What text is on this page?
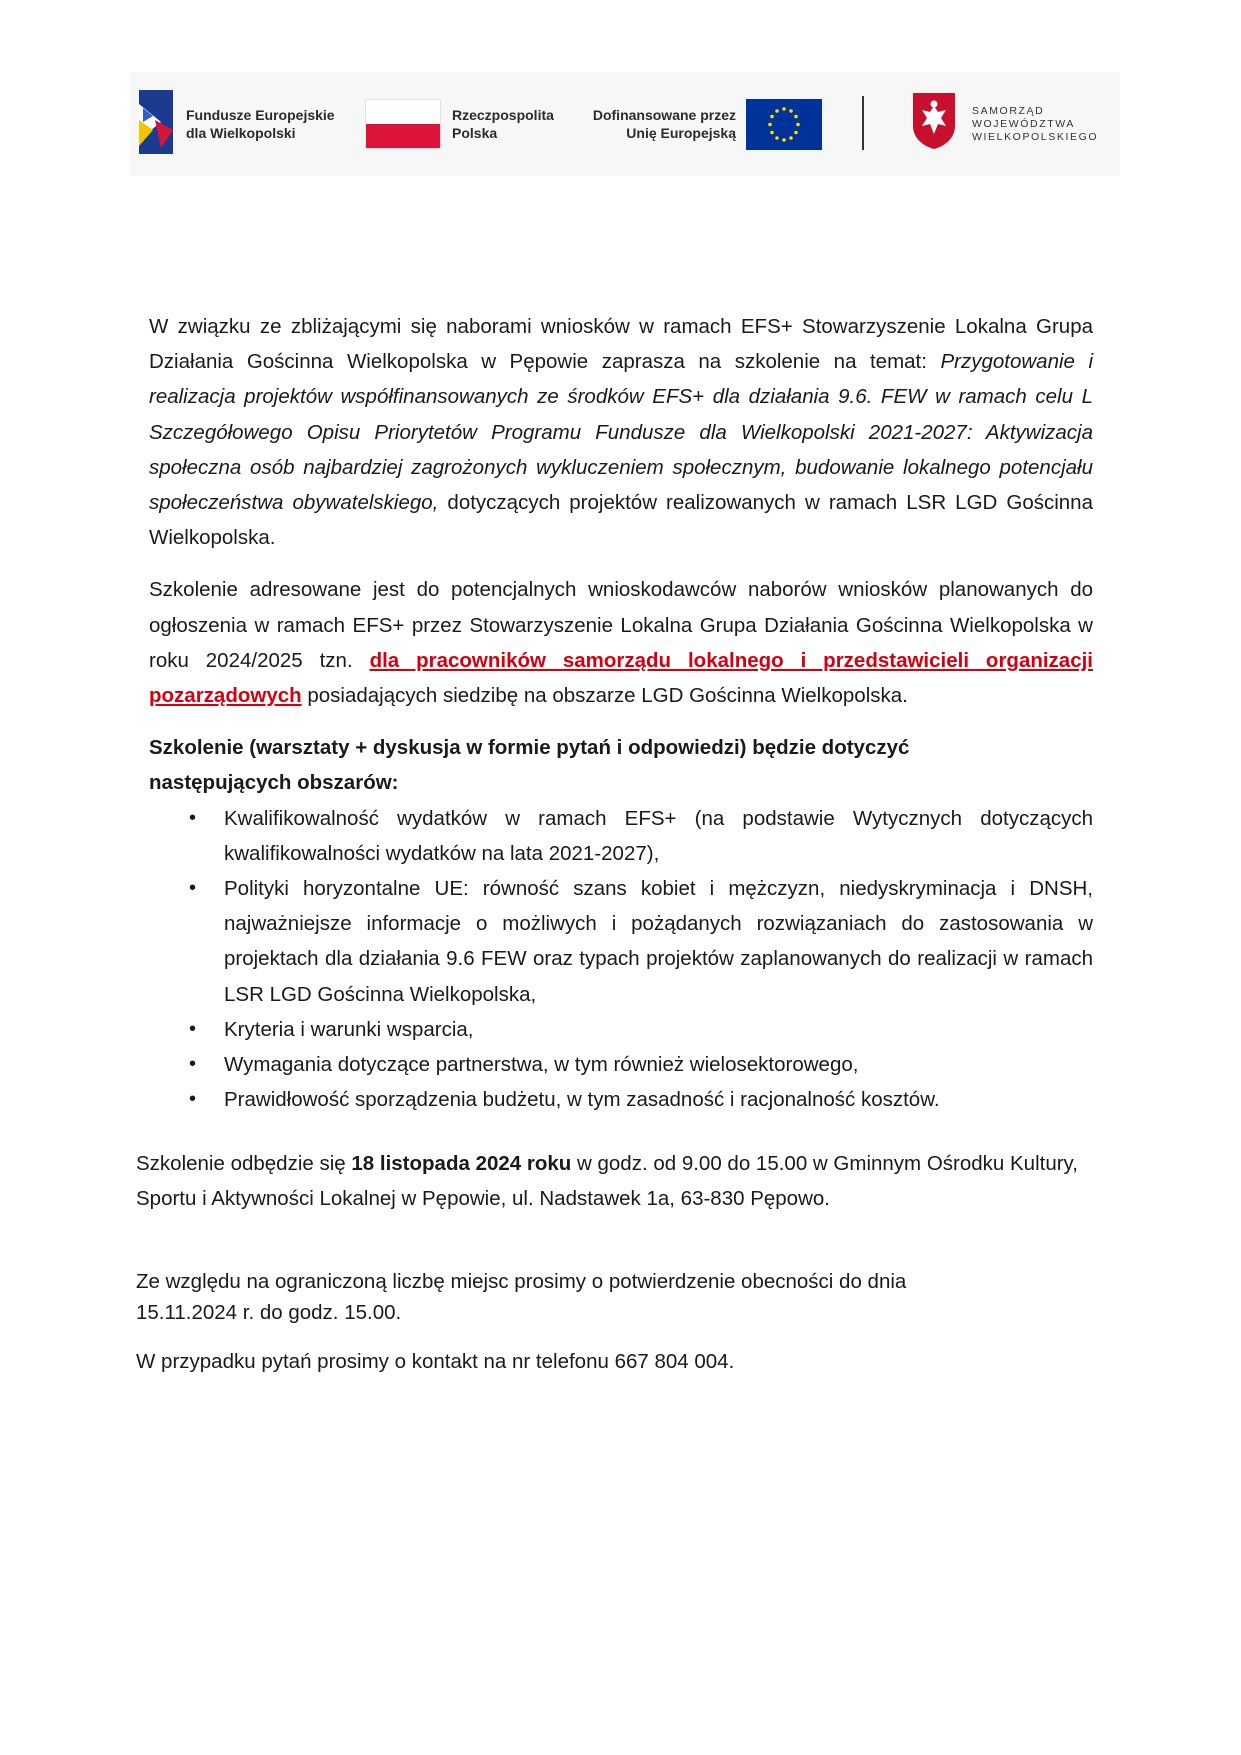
Fundusze Europejskie
dla Wielkopolski
Rzeczpospolita
Polska
Dofinansowane przez
Unię Europejską
SAMORZĄD
WOJEWÓDZTWA
WIELKOPOLSKIEGO

W związku ze zbliżającymi się naborami wniosków w ramach EFS+ Stowarzyszenie Lokalna Grupa Działania Gościnna Wielkopolska w Pępowie zaprasza na szkolenie na temat: Przygotowanie i realizacja projektów współfinansowanych ze środków EFS+ dla działania 9.6. FEW w ramach celu L Szczegółowego Opisu Priorytetów Programu Fundusze dla Wielkopolski 2021-2027: Aktywizacja społeczna osób najbardziej zagrożonych wykluczeniem społecznym, budowanie lokalnego potencjału społeczeństwa obywatelskiego, dotyczących projektów realizowanych w ramach LSR LGD Gościnna Wielkopolska.

Szkolenie adresowane jest do potencjalnych wnioskodawców naborów wniosków planowanych do ogłoszenia w ramach EFS+ przez Stowarzyszenie Lokalna Grupa Działania Gościnna Wielkopolska w roku 2024/2025 tzn. dla pracowników samorządu lokalnego i przedstawicieli organizacji pozarządowych posiadających siedzibę na obszarze LGD Gościnna Wielkopolska.

Szkolenie (warsztaty + dyskusja w formie pytań i odpowiedzi) będzie dotyczyć następujących obszarów:

• Kwalifikowalność wydatków w ramach EFS+ (na podstawie Wytycznych dotyczących kwalifikowalności wydatków na lata 2021-2027),
• Polityki horyzontalne UE: równość szans kobiet i mężczyzn, niedyskryminacja i DNSH, najważniejsze informacje o możliwych i pożądanych rozwiązaniach do zastosowania w projektach dla działania 9.6 FEW oraz typach projektów zaplanowanych do realizacji w ramach LSR LGD Gościnna Wielkopolska,
• Kryteria i warunki wsparcia,
• Wymagania dotyczące partnerstwa, w tym również wielosektorowego,
• Prawidłowość sporządzenia budżetu, w tym zasadność i racjonalność kosztów.

Szkolenie odbędzie się 18 listopada 2024 roku w godz. od 9.00 do 15.00 w Gminnym Ośrodku Kultury, Sportu i Aktywności Lokalnej w Pępowie, ul. Nadstawek 1a, 63-830 Pępowo.

Ze względu na ograniczoną liczbę miejsc prosimy o potwierdzenie obecności do dnia

15.11.2024 r. do godz. 15.00.

W przypadku pytań prosimy o kontakt na nr telefonu 667 804 004.
